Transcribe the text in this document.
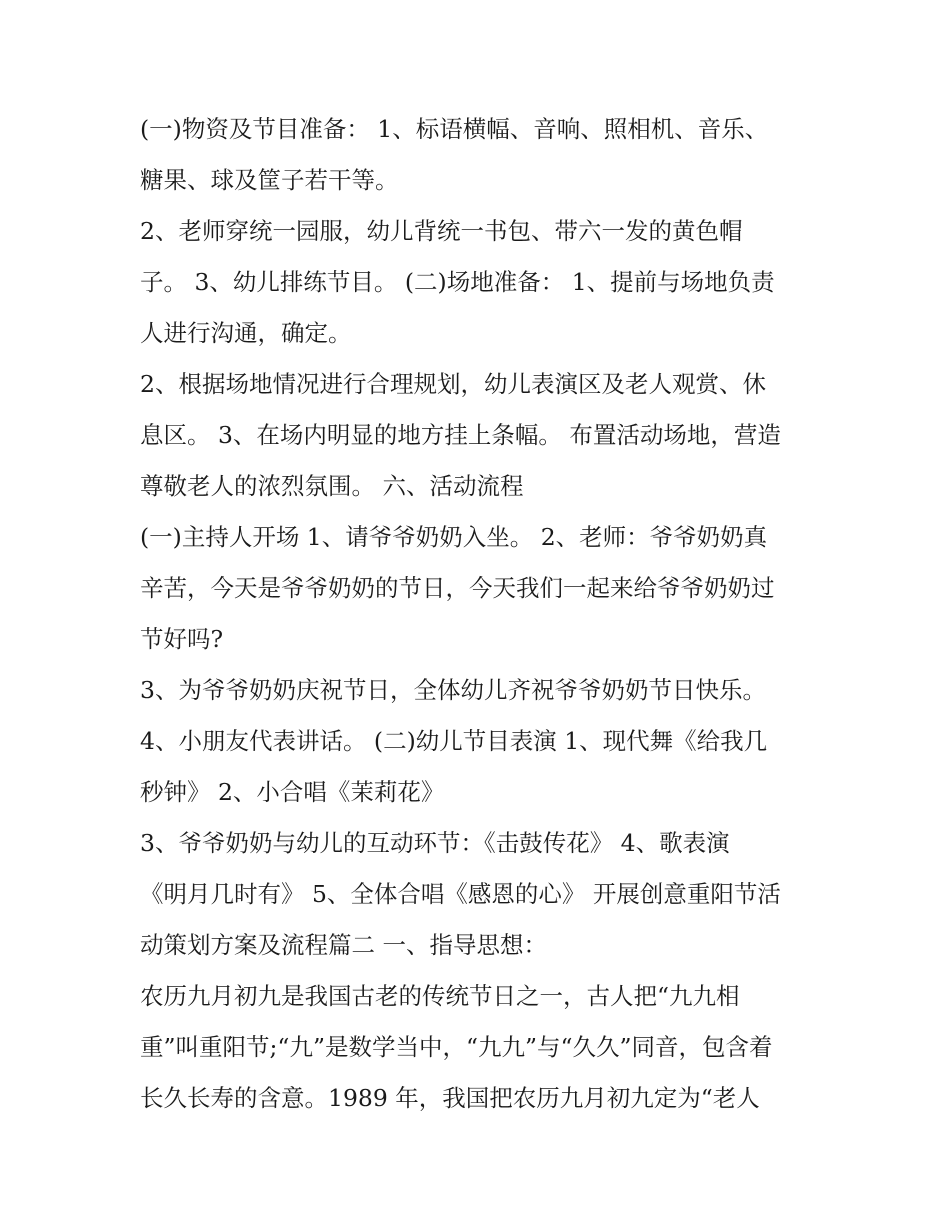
(一)物资及节目准备： 1、标语横幅、音响、照相机、音乐、
糖果、球及筐子若干等。
2、老师穿统一园服，幼儿背统一书包、带六一发的黄色帽
子。 3、幼儿排练节目。 (二)场地准备： 1、提前与场地负责
人进行沟通，确定。
2、根据场地情况进行合理规划，幼儿表演区及老人观赏、休
息区。 3、在场内明显的地方挂上条幅。 布置活动场地，营造
尊敬老人的浓烈氛围。 六、活动流程
(一)主持人开场 1、请爷爷奶奶入坐。 2、老师：爷爷奶奶真
辛苦，今天是爷爷奶奶的节日，今天我们一起来给爷爷奶奶过
节好吗?
3、为爷爷奶奶庆祝节日，全体幼儿齐祝爷爷奶奶节日快乐。
4、小朋友代表讲话。 (二)幼儿节目表演 1、现代舞《给我几
秒钟》 2、小合唱《茉莉花》
3、爷爷奶奶与幼儿的互动环节：《击鼓传花》 4、歌表演
《明月几时有》 5、全体合唱《感恩的心》 开展创意重阳节活
动策划方案及流程篇二 一、指导思想：
农历九月初九是我国古老的传统节日之一，古人把“九九相
重”叫重阳节;“九”是数学当中，“九九”与“久久”同音，包含着
长久长寿的含意。1989 年，我国把农历九月初九定为“老人
